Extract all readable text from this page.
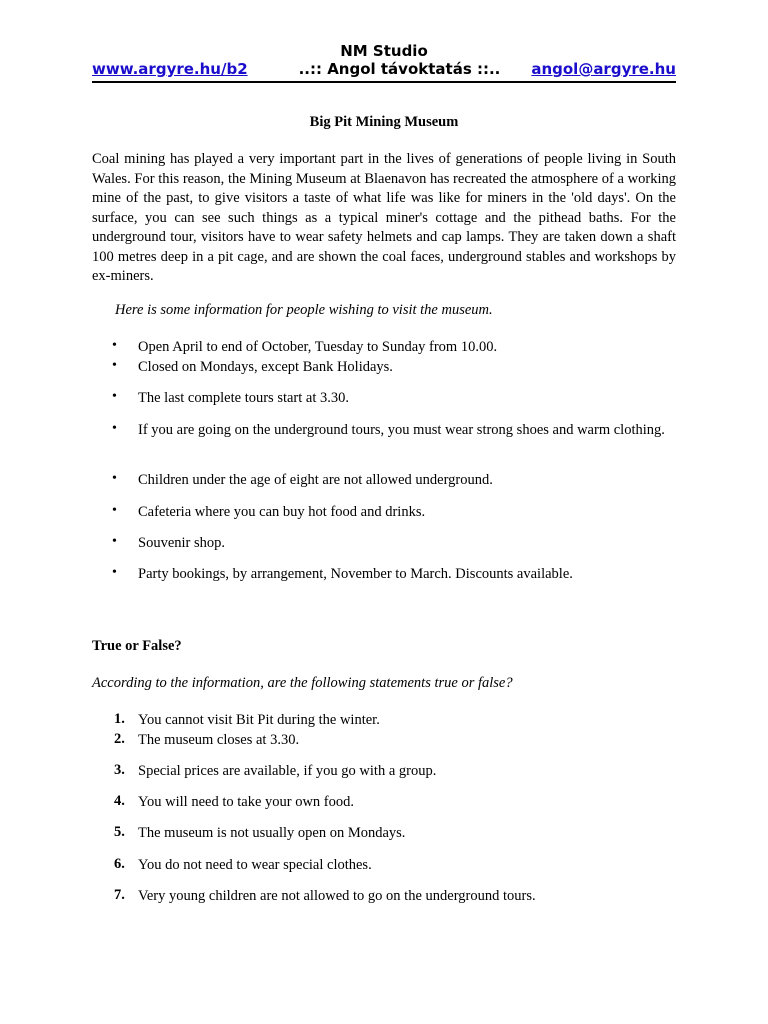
NM Studio
www.argyre.hu/b2	..:: Angol távoktatás ::.. angol@argyre.hu
Big Pit Mining Museum

Coal mining has played a very important part in the lives of generations of people living in South Wales. For this reason, the Mining Museum at Blaenavon has recreated the atmosphere of a working mine of the past, to give visitors a taste of what life was like for miners in the 'old days'. On the surface, you can see such things as a typical miner's cottage and the pithead baths. For the underground tour, visitors have to wear safety helmets and cap lamps. They are taken down a shaft 100 metres deep in a pit cage, and are shown the coal faces, underground stables and workshops by ex-miners.

Here is some information for people wishing to visit the museum.

• Open April to end of October, Tuesday to Sunday from 10.00.
• Closed on Mondays, except Bank Holidays.
• The last complete tours start at 3.30.
• If you are going on the underground tours, you must wear strong shoes and warm clothing.
• Children under the age of eight are not allowed underground.
• Cafeteria where you can buy hot food and drinks.
• Souvenir shop.
• Party bookings, by arrangement, November to March. Discounts available.

True or False?

According to the information, are the following statements true or false?

1. You cannot visit Bit Pit during the winter.
2. The museum closes at 3.30.
3. Special prices are available, if you go with a group.
4. You will need to take your own food.
5. The museum is not usually open on Mondays.
6. You do not need to wear special clothes.
7. Very young children are not allowed to go on the underground tours.
